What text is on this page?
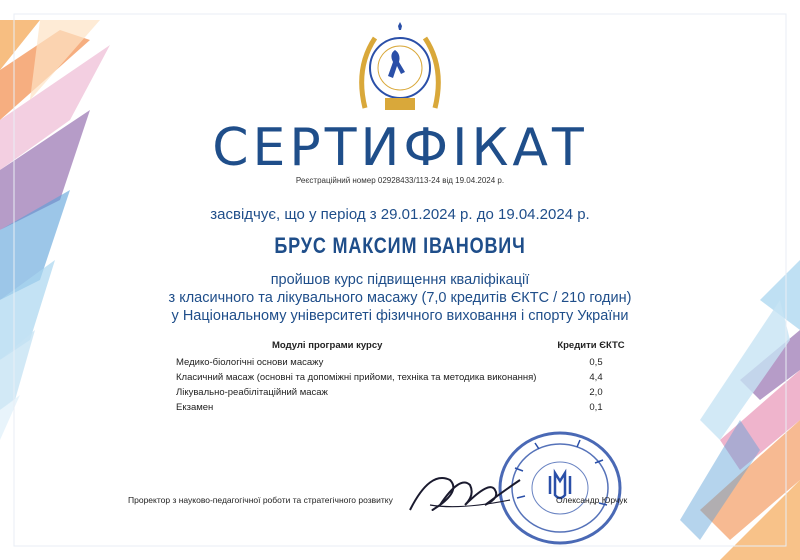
СЕРТИФІКАТ
Реєстраційний номер 02928433/113-24 від 19.04.2024 р.
засвідчує, що у період з 29.01.2024 р. до 19.04.2024 р.
БРУС МАКСИМ ІВАНОВИЧ
пройшов курс підвищення кваліфікації
з класичного та лікувального масажу (7,0 кредитів ЄКТС / 210 годин)
у Національному університеті фізичного виховання і спорту України
Модулі програми курсу	Кредити ЄКТС
Медико-біологічні основи масажу	0,5
Класичний масаж (основні та допоміжні прийоми, техніка та методика виконання)	4,4
Лікувально-реабілітаційний масаж	2,0
Екзамен	0,1
Проректор з науково-педагогічної роботи та стратегічного розвитку	Олександр Юрчук
